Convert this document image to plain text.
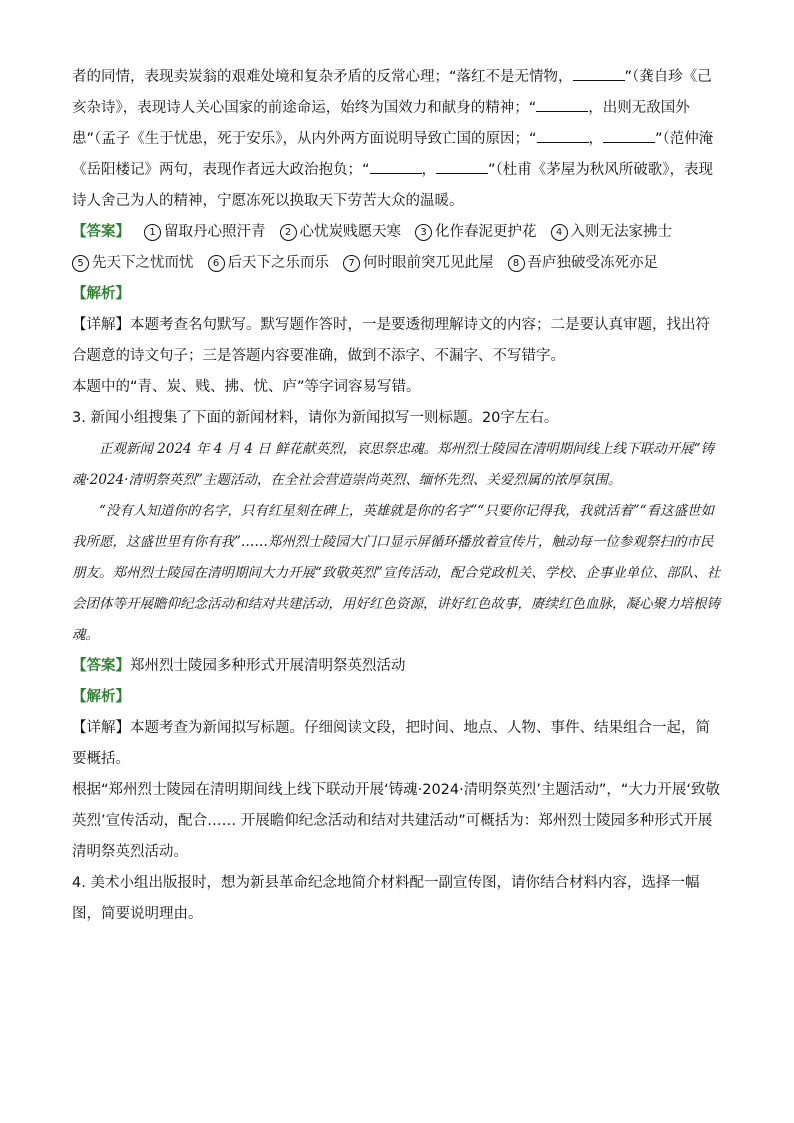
者的同情，表现卖炭翁的艰难处境和复杂矛盾的反常心理；“落红不是无情物，	”（龚自珍《己亥杂诗》，表现诗人关心国家的前途命运，始终为国效力和献身的精神；“	，出则无敌国外患”（孟子《生于忧患，死于安乐》，从内外两方面说明导致亡国的原因；“	，	”（范仲淹《岳阳楼记》两句，表现作者远大政治抱负；“	，	”（杜甫《茅屋为秋风所破歌》，表现诗人舍己为人的精神，宁愿冻死以换取天下劳苦大众的温暖。

【答案】	1 留取丹心照汗青	2 心忧炭贱愿天寒	3 化作春泥更护花	4 入则无法家拂士
5 先天下之忧而忧	6 后天下之乐而乐	7 何时眼前突兀见此屋	8 吾庐独破受冻死亦足

【解析】

【详解】本题考查名句默写。默写题作答时，一是要透彻理解诗文的内容；二是要认真审题，找出符合题意的诗文句子；三是答题内容要准确，做到不添字、不漏字、不写错字。

本题中的“青、炭、贱、拂、忧、庐”等字词容易写错。

3. 新闻小组搜集了下面的新闻材料，请你为新闻拟写一则标题。20字左右。

正观新闻 2024 年 4 月 4 日 鲜花献英烈，哀思祭忠魂。郑州烈士陵园在清明期间线上线下联动开展“铸魂·2024·清明祭英烈”主题活动，在全社会营造崇尚英烈、缅怀先烈、关爱烈属的浓厚氛围。

“没有人知道你的名字，只有红星刻在碑上，英雄就是你的名字”“只要你记得我，我就活着”“看这盛世如我所愿，这盛世里有你有我”……郑州烈士陵园大门口显示屏循环播放着宣传片，触动每一位参观祭扫的市民朋友。郑州烈士陵园在清明期间大力开展“致敬英烈”宣传活动，配合党政机关、学校、企事业单位、部队、社会团体等开展瞻仰纪念活动和结对共建活动，用好红色资源，讲好红色故事，赓续红色血脉，凝心聚力培根铸魂。

【答案】郑州烈士陵园多种形式开展清明祭英烈活动

【解析】

【详解】本题考查为新闻拟写标题。仔细阅读文段，把时间、地点、人物、事件、结果组合一起，简要概括。

根据“郑州烈士陵园在清明期间线上线下联动开展‘铸魂·2024·清明祭英烈’主题活动”，“大力开展‘致敬英烈’宣传活动，配合…… 开展瞻仰纪念活动和结对共建活动”可概括为：郑州烈士陵园多种形式开展清明祭英烈活动。

4. 美术小组出版报时，想为新县革命纪念地简介材料配一副宣传图，请你结合材料内容，选择一幅图，简要说明理由。
